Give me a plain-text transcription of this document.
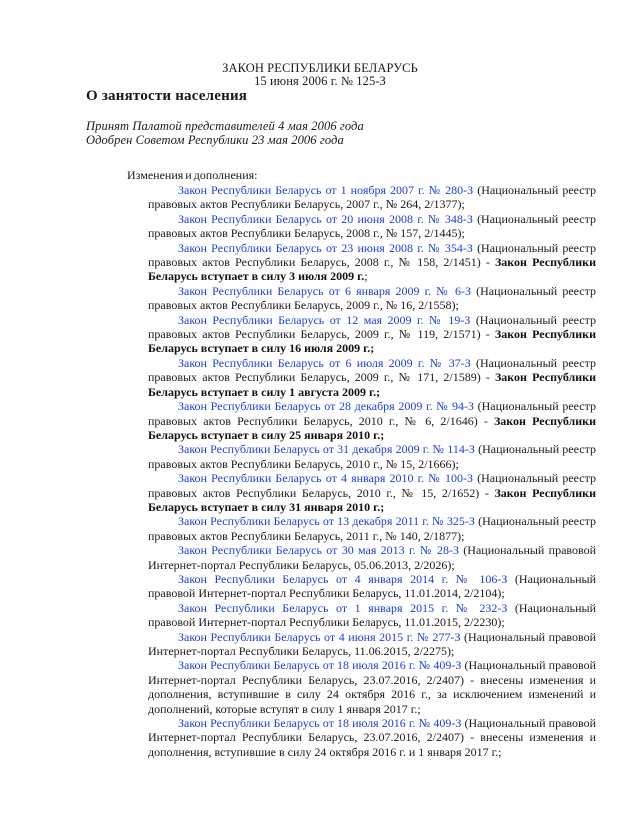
ЗАКОН РЕСПУБЛИКИ БЕЛАРУСЬ
15 июня 2006 г. № 125-З
О занятости населения
Принят Палатой представителей 4 мая 2006 года
Одобрен Советом Республики 23 мая 2006 года
Изменения и дополнения:

Закон Республики Беларусь от 1 ноября 2007 г. № 280-З (Национальный реестр правовых актов Республики Беларусь, 2007 г., № 264, 2/1377);

Закон Республики Беларусь от 20 июня 2008 г. № 348-З (Национальный реестр правовых актов Республики Беларусь, 2008 г., № 157, 2/1445);

Закон Республики Беларусь от 23 июня 2008 г. № 354-З (Национальный реестр правовых актов Республики Беларусь, 2008 г., № 158, 2/1451) - Закон Республики Беларусь вступает в силу 3 июля 2009 г.;

Закон Республики Беларусь от 6 января 2009 г. № 6-З (Национальный реестр правовых актов Республики Беларусь, 2009 г., № 16, 2/1558);

Закон Республики Беларусь от 12 мая 2009 г. № 19-З (Национальный реестр правовых актов Республики Беларусь, 2009 г., № 119, 2/1571) - Закон Республики Беларусь вступает в силу 16 июля 2009 г.;

Закон Республики Беларусь от 6 июля 2009 г. № 37-З (Национальный реестр правовых актов Республики Беларусь, 2009 г., № 171, 2/1589) - Закон Республики Беларусь вступает в силу 1 августа 2009 г.;

Закон Республики Беларусь от 28 декабря 2009 г. № 94-З (Национальный реестр правовых актов Республики Беларусь, 2010 г., № 6, 2/1646) - Закон Республики Беларусь вступает в силу 25 января 2010 г.;

Закон Республики Беларусь от 31 декабря 2009 г. № 114-З (Национальный реестр правовых актов Республики Беларусь, 2010 г., № 15, 2/1666);

Закон Республики Беларусь от 4 января 2010 г. № 100-З (Национальный реестр правовых актов Республики Беларусь, 2010 г., № 15, 2/1652) - Закон Республики Беларусь вступает в силу 31 января 2010 г.;

Закон Республики Беларусь от 13 декабря 2011 г. № 325-З (Национальный реестр правовых актов Республики Беларусь, 2011 г., № 140, 2/1877);

Закон Республики Беларусь от 30 мая 2013 г. № 28-З (Национальный правовой Интернет-портал Республики Беларусь, 05.06.2013, 2/2026);

Закон Республики Беларусь от 4 января 2014 г. № 106-З (Национальный правовой Интернет-портал Республики Беларусь, 11.01.2014, 2/2104);

Закон Республики Беларусь от 1 января 2015 г. № 232-З (Национальный правовой Интернет-портал Республики Беларусь, 11.01.2015, 2/2230);

Закон Республики Беларусь от 4 июня 2015 г. № 277-З (Национальный правовой Интернет-портал Республики Беларусь, 11.06.2015, 2/2275);

Закон Республики Беларусь от 18 июля 2016 г. № 409-З (Национальный правовой Интернет-портал Республики Беларусь, 23.07.2016, 2/2407) - внесены изменения и дополнения, вступившие в силу 24 октября 2016 г., за исключением изменений и дополнений, которые вступят в силу 1 января 2017 г.;

Закон Республики Беларусь от 18 июля 2016 г. № 409-З (Национальный правовой Интернет-портал Республики Беларусь, 23.07.2016, 2/2407) - внесены изменения и дополнения, вступившие в силу 24 октября 2016 г. и 1 января 2017 г.;
